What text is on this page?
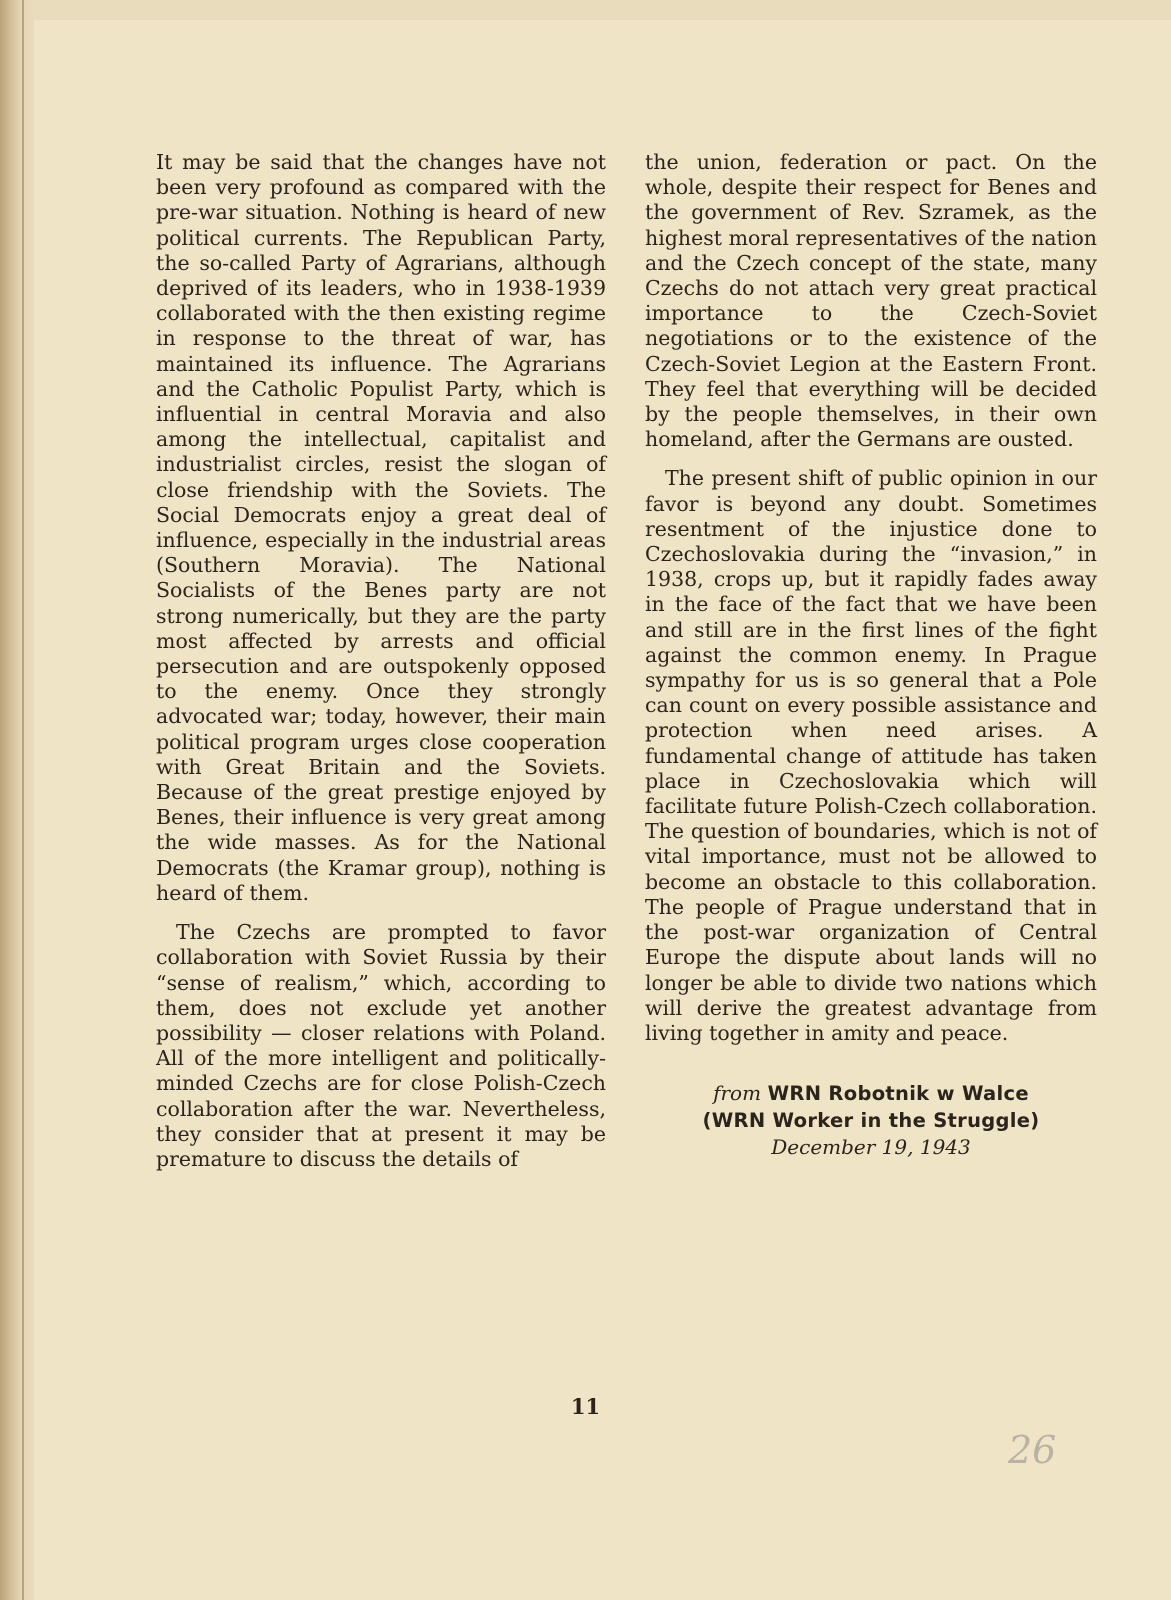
It may be said that the changes have not been very profound as compared with the pre-war situation. Nothing is heard of new political currents. The Republican Party, the so-called Party of Agrarians, although deprived of its leaders, who in 1938-1939 collaborated with the then existing regime in response to the threat of war, has maintained its influence. The Agrarians and the Catholic Populist Party, which is influential in central Moravia and also among the intellectual, capitalist and industrialist circles, resist the slogan of close friendship with the Soviets. The Social Democrats enjoy a great deal of influence, especially in the industrial areas (Southern Moravia). The National Socialists of the Benes party are not strong numerically, but they are the party most affected by arrests and official persecution and are outspokenly opposed to the enemy. Once they strongly advocated war; today, however, their main political program urges close cooperation with Great Britain and the Soviets. Because of the great prestige enjoyed by Benes, their influence is very great among the wide masses. As for the National Democrats (the Kramar group), nothing is heard of them.

The Czechs are prompted to favor collaboration with Soviet Russia by their “sense of realism,” which, according to them, does not exclude yet another possibility — closer relations with Poland. All of the more intelligent and politically-minded Czechs are for close Polish-Czech collaboration after the war. Nevertheless, they consider that at present it may be premature to discuss the details of

the union, federation or pact. On the whole, despite their respect for Benes and the government of Rev. Szramek, as the highest moral representatives of the nation and the Czech concept of the state, many Czechs do not attach very great practical importance to the Czech-Soviet negotiations or to the existence of the Czech-Soviet Legion at the Eastern Front. They feel that everything will be decided by the people themselves, in their own homeland, after the Germans are ousted.

The present shift of public opinion in our favor is beyond any doubt. Sometimes resentment of the injustice done to Czechoslovakia during the “invasion,” in 1938, crops up, but it rapidly fades away in the face of the fact that we have been and still are in the first lines of the fight against the common enemy. In Prague sympathy for us is so general that a Pole can count on every possible assistance and protection when need arises. A fundamental change of attitude has taken place in Czechoslovakia which will facilitate future Polish-Czech collaboration. The question of boundaries, which is not of vital importance, must not be allowed to become an obstacle to this collaboration. The people of Prague understand that in the post-war organization of Central Europe the dispute about lands will no longer be able to divide two nations which will derive the greatest advantage from living together in amity and peace.

from WRN Robotnik w Walce
(WRN Worker in the Struggle)
December 19, 1943
11
26
